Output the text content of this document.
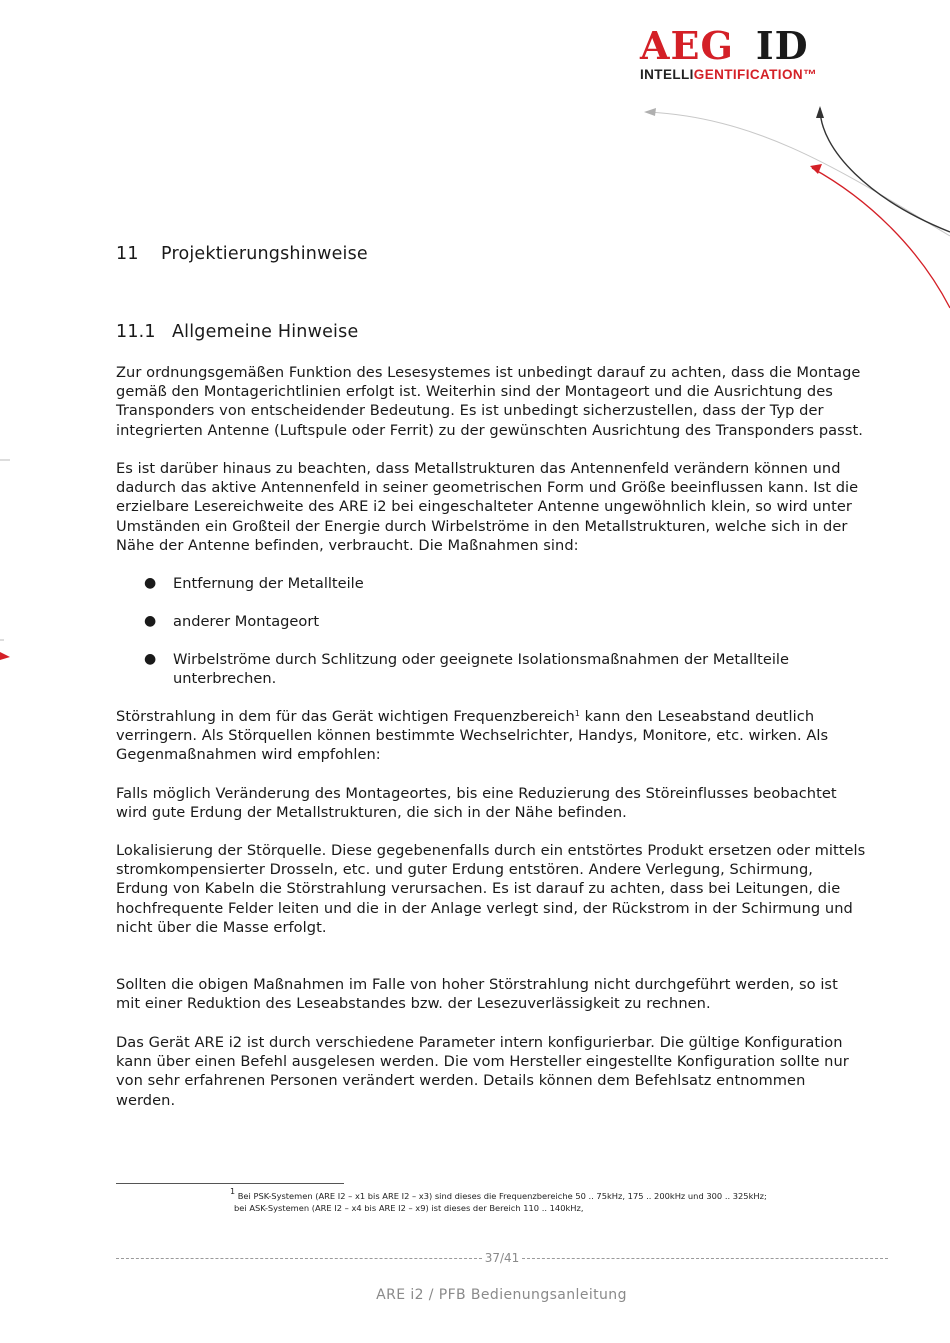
AEG ID
INTELLIGENTIFICATION™
11 Projektierungshinweise
11.1 Allgemeine Hinweise

Zur ordnungsgemäßen Funktion des Lesesystemes ist unbedingt darauf zu achten, dass die Montage gemäß den Montagerichtlinien erfolgt ist. Weiterhin sind der Montageort und die Ausrichtung des Transponders von entscheidender Bedeutung. Es ist unbedingt sicherzustellen, dass der Typ der integrierten Antenne (Luftspule oder Ferrit) zu der gewünschten Ausrichtung des Transponders passt.

Es ist darüber hinaus zu beachten, dass Metallstrukturen das Antennenfeld verändern können und dadurch das aktive Antennenfeld in seiner geometrischen Form und Größe beeinflussen kann. Ist die erzielbare Lesereichweite des ARE i2 bei eingeschalteter Antenne ungewöhnlich klein, so wird unter Umständen ein Großteil der Energie durch Wirbelströme in den Metallstrukturen, welche sich in der Nähe der Antenne befinden, verbraucht. Die Maßnahmen sind:

● Entfernung der Metallteile
● anderer Montageort
● Wirbelströme durch Schlitzung oder geeignete Isolationsmaßnahmen der Metallteile unterbrechen.

Störstrahlung in dem für das Gerät wichtigen Frequenzbereich$^1$ kann den Leseabstand deutlich verringern. Als Störquellen können bestimmte Wechselrichter, Handys, Monitore, etc. wirken. Als Gegenmaßnahmen wird empfohlen:

Falls möglich Veränderung des Montageortes, bis eine Reduzierung des Störeinflusses beobachtet wird gute Erdung der Metallstrukturen, die sich in der Nähe befinden.

Lokalisierung der Störquelle. Diese gegebenenfalls durch ein entstörtes Produkt ersetzen oder mittels stromkompensierter Drosseln, etc. und guter Erdung entstören. Andere Verlegung, Schirmung, Erdung von Kabeln die Störstrahlung verursachen. Es ist darauf zu achten, dass bei Leitungen, die hochfrequente Felder leiten und die in der Anlage verlegt sind, der Rückstrom in der Schirmung und nicht über die Masse erfolgt.

Sollten die obigen Maßnahmen im Falle von hoher Störstrahlung nicht durchgeführt werden, so ist mit einer Reduktion des Leseabstandes bzw. der Lesezuverlässigkeit zu rechnen.

Das Gerät ARE i2 ist durch verschiedene Parameter intern konfigurierbar. Die gültige Konfiguration kann über einen Befehl ausgelesen werden. Die vom Hersteller eingestellte Konfiguration sollte nur von sehr erfahrenen Personen verändert werden. Details können dem Befehlsatz entnommen werden.

$^1$ Bei PSK-Systemen (ARE I2 – x1 bis ARE I2 – x3) sind dieses die Frequenzbereiche 50 .. 75kHz, 175 .. 200kHz und 300 .. 325kHz;
bei ASK-Systemen (ARE I2 – x4 bis ARE I2 – x9) ist dieses der Bereich 110 .. 140kHz,
37/41
ARE i2 / PFB Bedienungsanleitung
